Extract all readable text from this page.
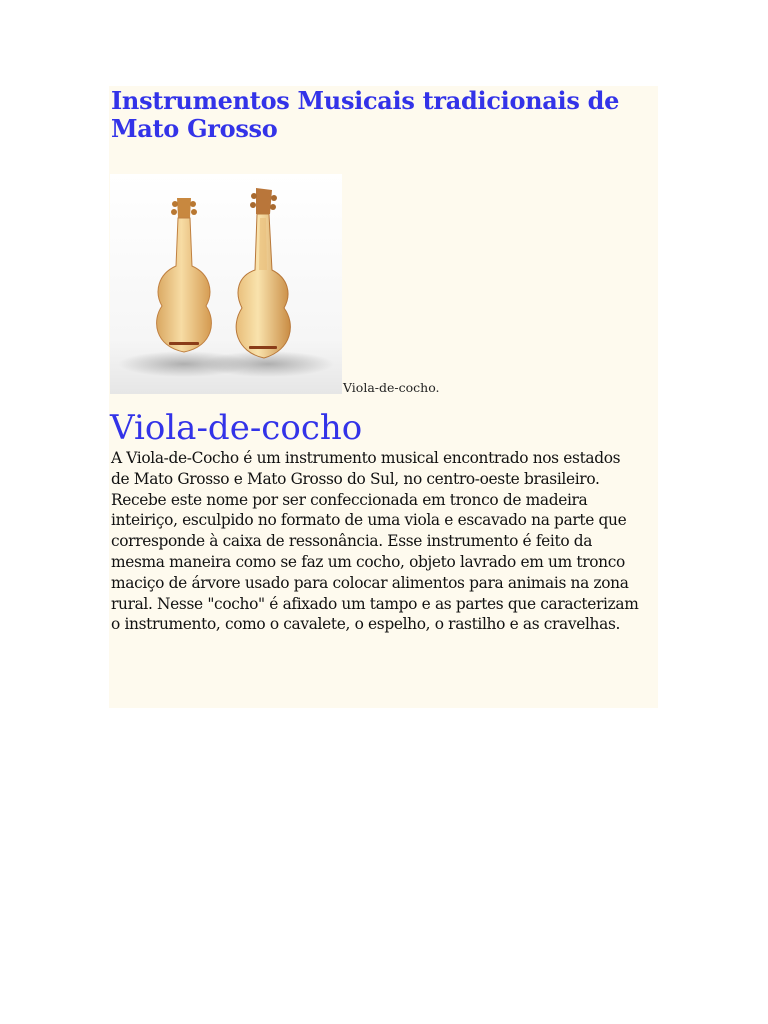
Instrumentos Musicais tradicionais de Mato Grosso
Viola-de-cocho.
Viola-de-cocho

A Viola-de-Cocho é um instrumento musical encontrado nos estados de Mato Grosso e Mato Grosso do Sul, no centro-oeste brasileiro. Recebe este nome por ser confeccionada em tronco de madeira inteiriço, esculpido no formato de uma viola e escavado na parte que corresponde à caixa de ressonância. Esse instrumento é feito da mesma maneira como se faz um cocho, objeto lavrado em um tronco maciço de árvore usado para colocar alimentos para animais na zona rural. Nesse "cocho" é afixado um tampo e as partes que caracterizam o instrumento, como o cavalete, o espelho, o rastilho e as cravelhas.
